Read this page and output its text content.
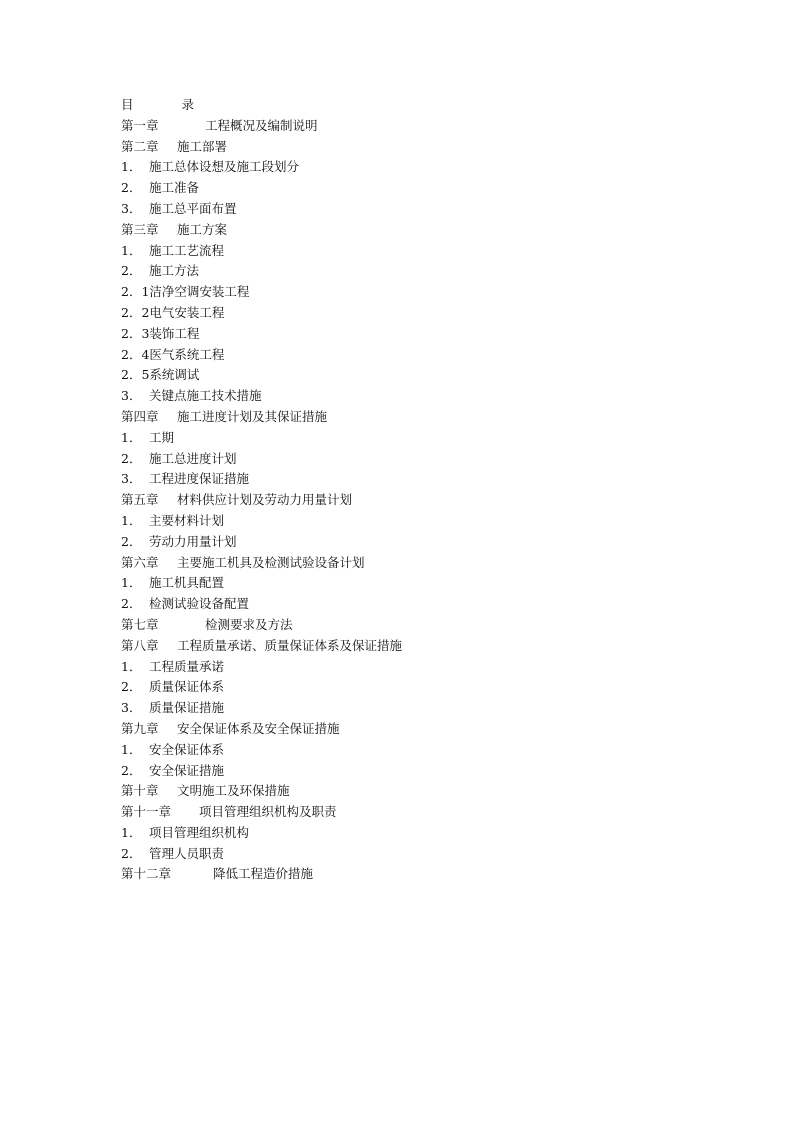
目	录
第一章	工程概况及编制说明
第二章	施工部署
1． 施工总体设想及施工段划分
2． 施工准备
3． 施工总平面布置
第三章	施工方案
1． 施工工艺流程
2． 施工方法
2．1 洁净空调安装工程
2．2 电气安装工程
2．3 装饰工程
2．4 医气系统工程
2．5 系统调试
3． 关键点施工技术措施
第四章	施工进度计划及其保证措施
1． 工期
2． 施工总进度计划
3． 工程进度保证措施
第五章	材料供应计划及劳动力用量计划
1． 主要材料计划
2． 劳动力用量计划
第六章	主要施工机具及检测试验设备计划
1． 施工机具配置
2． 检测试验设备配置
第七章	检测要求及方法
第八章	工程质量承诺、质量保证体系及保证措施
1． 工程质量承诺
2． 质量保证体系
3． 质量保证措施
第九章	安全保证体系及安全保证措施
1． 安全保证体系
2． 安全保证措施
第十章	文明施工及环保措施
第十一章	项目管理组织机构及职责
1． 项目管理组织机构
2． 管理人员职责
第十二章	降低工程造价措施
